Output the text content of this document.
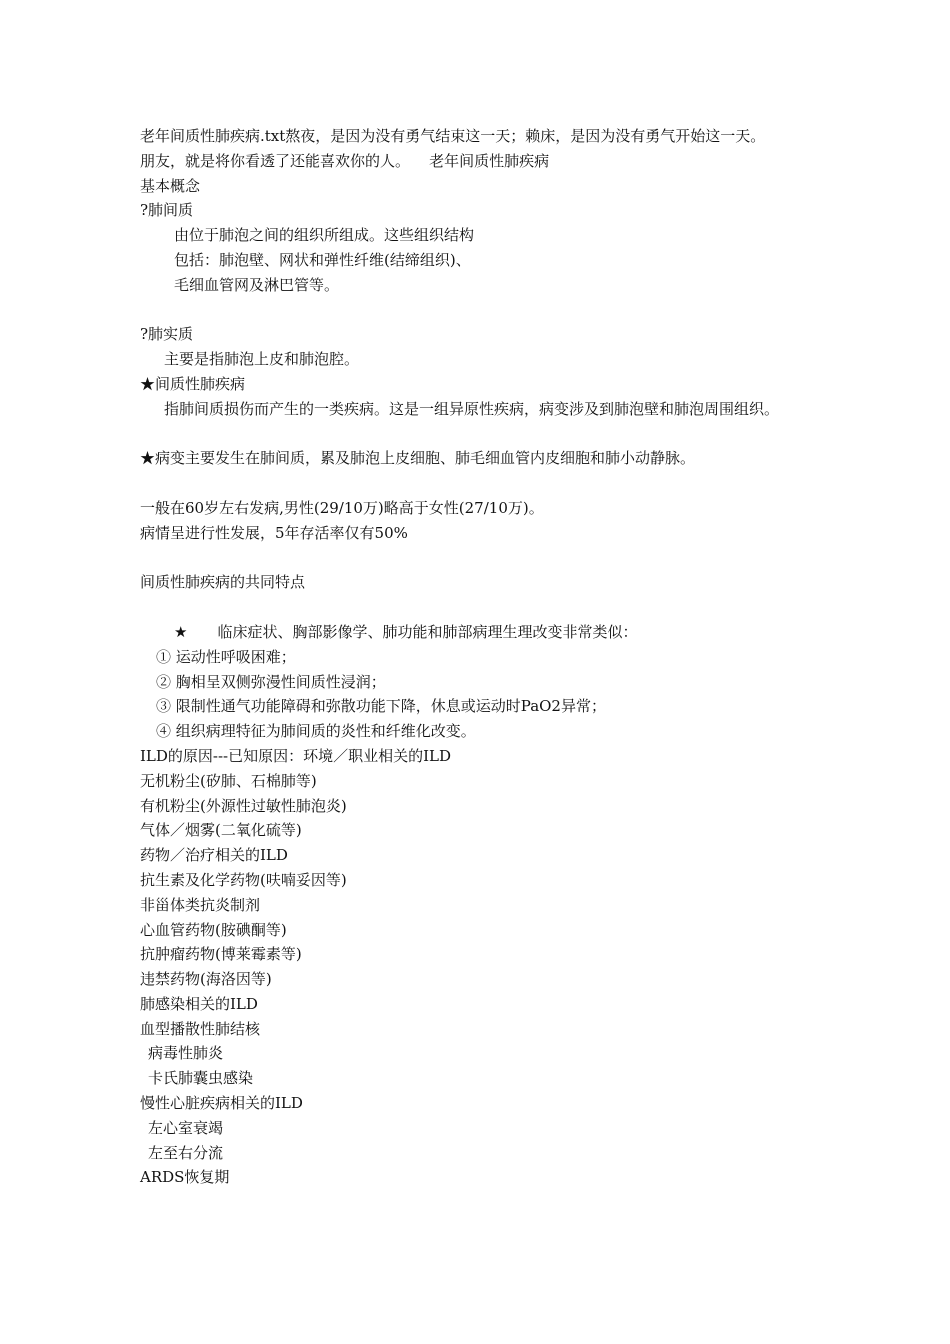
老年间质性肺疾病.txt熬夜，是因为没有勇气结束这一天；赖床，是因为没有勇气开始这一天。
朋友，就是将你看透了还能喜欢你的人。    老年间质性肺疾病
基本概念
?肺间质
由位于肺泡之间的组织所组成。这些组织结构
包括：肺泡壁、网状和弹性纤维(结缔组织)、
毛细血管网及淋巴管等。
?肺实质
主要是指肺泡上皮和肺泡腔。
★间质性肺疾病
指肺间质损伤而产生的一类疾病。这是一组异原性疾病，病变涉及到肺泡壁和肺泡周围组织。
★病变主要发生在肺间质，累及肺泡上皮细胞、肺毛细血管内皮细胞和肺小动静脉。
一般在60岁左右发病,男性(29/10万)略高于女性(27/10万)。
病情呈进行性发展，5年存活率仅有50%
间质性肺疾病的共同特点
★ 临床症状、胸部影像学、肺功能和肺部病理生理改变非常类似：
① 运动性呼吸困难；
② 胸相呈双侧弥漫性间质性浸润；
③ 限制性通气功能障碍和弥散功能下降，休息或运动时PaO2异常；
④ 组织病理特征为肺间质的炎性和纤维化改变。
ILD的原因---已知原因：环境／职业相关的ILD
无机粉尘(矽肺、石棉肺等)
有机粉尘(外源性过敏性肺泡炎)
气体／烟雾(二氧化硫等)
药物／治疗相关的ILD
抗生素及化学药物(呋喃妥因等)
非甾体类抗炎制剂
心血管药物(胺碘酮等)
抗肿瘤药物(博莱霉素等)
违禁药物(海洛因等)
肺感染相关的ILD
血型播散性肺结核
病毒性肺炎
卡氏肺囊虫感染
慢性心脏疾病相关的ILD
左心室衰竭
左至右分流
ARDS恢复期
